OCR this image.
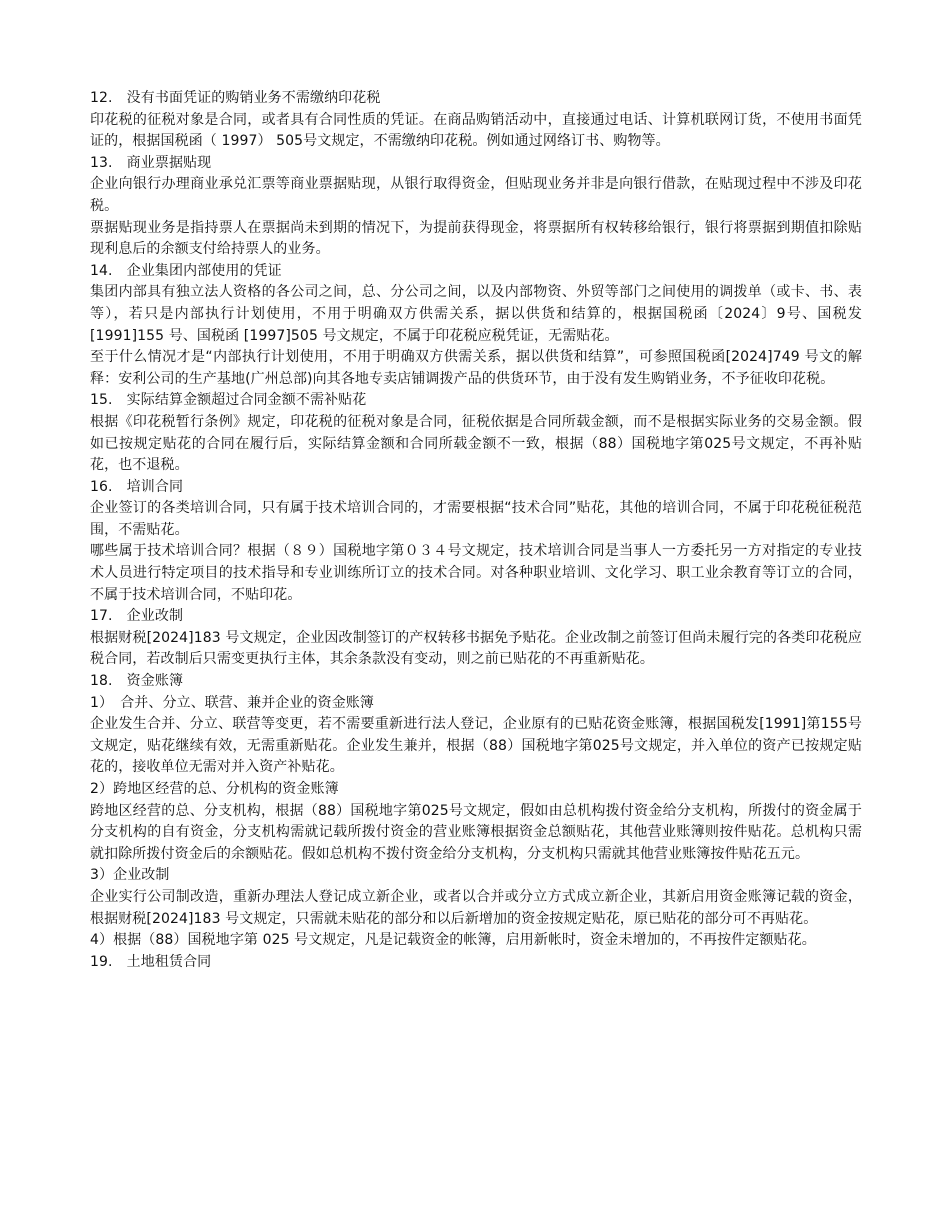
12.　没有书面凭证的购销业务不需缴纳印花税

印花税的征税对象是合同，或者具有合同性质的凭证。在商品购销活动中，直接通过电话、计算机联网订货，不使用书面凭证的，根据国税函（ 1997） 505号文规定，不需缴纳印花税。例如通过网络订书、购物等。

13.　商业票据贴现

企业向银行办理商业承兑汇票等商业票据贴现，从银行取得资金，但贴现业务并非是向银行借款，在贴现过程中不涉及印花税。

票据贴现业务是指持票人在票据尚未到期的情况下，为提前获得现金，将票据所有权转移给银行，银行将票据到期值扣除贴现利息后的余额支付给持票人的业务。

14.　企业集团内部使用的凭证

集团内部具有独立法人资格的各公司之间，总、分公司之间，以及内部物资、外贸等部门之间使用的调拨单（或卡、书、表等），若只是内部执行计划使用，不用于明确双方供需关系，据以供货和结算的，根据国税函〔2024〕9号、国税发 [1991]155 号、国税函 [1997]505 号文规定，不属于印花税应税凭证，无需贴花。

至于什么情况才是“内部执行计划使用，不用于明确双方供需关系，据以供货和结算”，可参照国税函[2024]749 号文的解释：安利公司的生产基地(广州总部)向其各地专卖店铺调拨产品的供货环节，由于没有发生购销业务，不予征收印花税。

15.　实际结算金额超过合同金额不需补贴花

根据《印花税暂行条例》规定，印花税的征税对象是合同，征税依据是合同所载金额，而不是根据实际业务的交易金额。假如已按规定贴花的合同在履行后，实际结算金额和合同所载金额不一致，根据（88）国税地字第025号文规定，不再补贴花，也不退税。

16.　培训合同

企业签订的各类培训合同，只有属于技术培训合同的，才需要根据“技术合同”贴花，其他的培训合同，不属于印花税征税范围，不需贴花。

哪些属于技术培训合同？根据（８９）国税地字第０３４号文规定，技术培训合同是当事人一方委托另一方对指定的专业技术人员进行特定项目的技术指导和专业训练所订立的技术合同。对各种职业培训、文化学习、职工业余教育等订立的合同，不属于技术培训合同，不贴印花。

17.　企业改制

根据财税[2024]183 号文规定，企业因改制签订的产权转移书据免予贴花。企业改制之前签订但尚未履行完的各类印花税应税合同，若改制后只需变更执行主体，其余条款没有变动，则之前已贴花的不再重新贴花。

18.　资金账簿

1）　合并、分立、联营、兼并企业的资金账簿

企业发生合并、分立、联营等变更，若不需要重新进行法人登记，企业原有的已贴花资金账簿，根据国税发[1991]第155号文规定，贴花继续有效，无需重新贴花。企业发生兼并，根据（88）国税地字第025号文规定，并入单位的资产已按规定贴花的，接收单位无需对并入资产补贴花。

2）跨地区经营的总、分机构的资金账簿

跨地区经营的总、分支机构，根据（88）国税地字第025号文规定，假如由总机构拨付资金给分支机构，所拨付的资金属于分支机构的自有资金，分支机构需就记载所拨付资金的营业账簿根据资金总额贴花，其他营业账簿则按件贴花。总机构只需就扣除所拨付资金后的余额贴花。假如总机构不拨付资金给分支机构，分支机构只需就其他营业账簿按件贴花五元。

3）企业改制

企业实行公司制改造，重新办理法人登记成立新企业，或者以合并或分立方式成立新企业，其新启用资金账簿记载的资金，根据财税[2024]183 号文规定，只需就未贴花的部分和以后新增加的资金按规定贴花，原已贴花的部分可不再贴花。

4）根据（88）国税地字第 025 号文规定，凡是记载资金的帐簿，启用新帐时，资金未增加的，不再按件定额贴花。

19.　土地租赁合同
